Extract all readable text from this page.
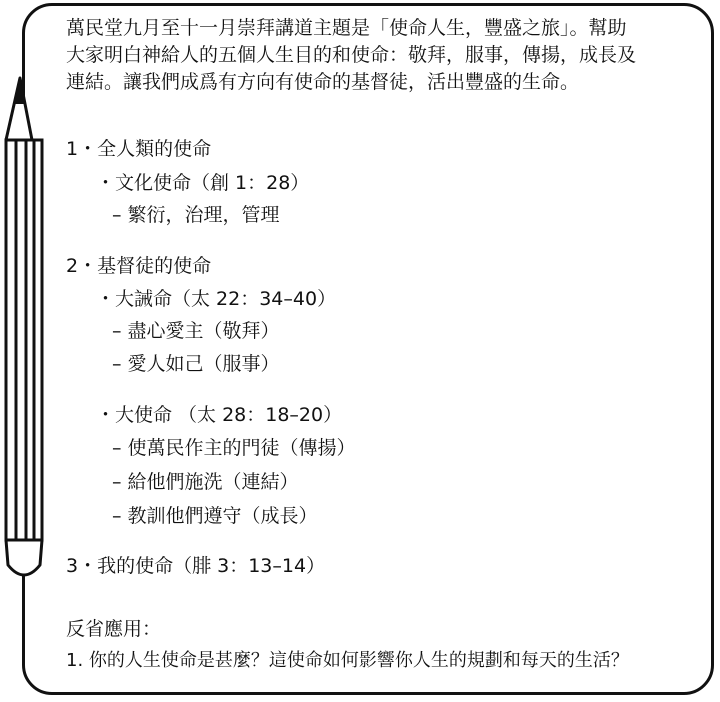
萬民堂九月至十一月崇拜講道主題是「使命人生，豐盛之旅」。幫助
大家明白神給人的五個人生目的和使命：敬拜，服事，傳揚，成長及
連結。讓我們成爲有方向有使命的基督徒，活出豐盛的生命。
1・全人類的使命
・文化使命（創 1：28）
– 繁衍，治理，管理
2・基督徒的使命
・大誡命（太 22：34–40）
– 盡心愛主（敬拜）
– 愛人如己（服事）
・大使命 （太 28：18–20）
– 使萬民作主的門徒（傳揚）
– 給他們施洗（連結）
– 教訓他們遵守（成長）
3・我的使命（腓 3：13–14）
反省應用：
1. 你的人生使命是甚麼？這使命如何影響你人生的規劃和每天的生活？
